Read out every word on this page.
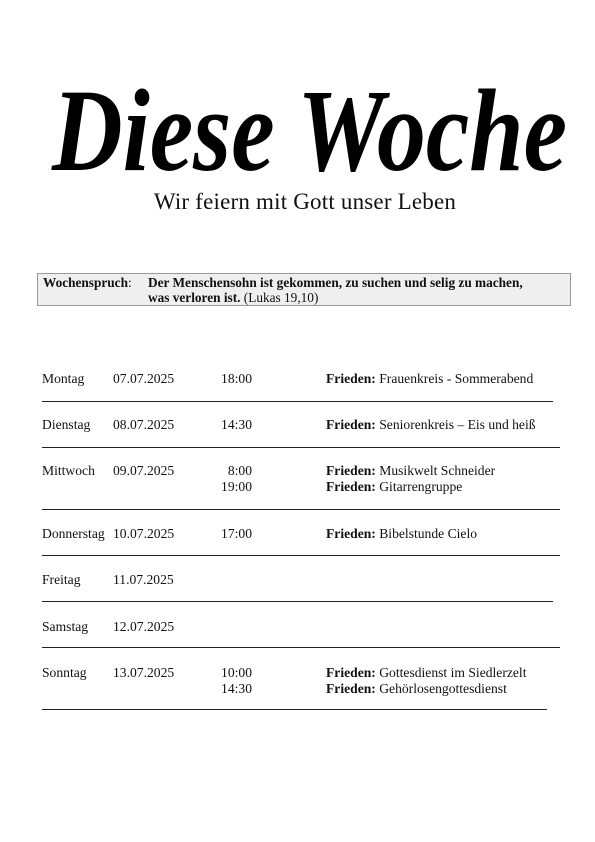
Diese Woche
Wir feiern mit Gott unser Leben
Wochenspruch: Der Menschensohn ist gekommen, zu suchen und selig zu machen,
was verloren ist. (Lukas 19,10)
Montag 07.07.2025	18:00	Frieden: Frauenkreis - Sommerabend
Dienstag 08.07.2025	14:30	Frieden: Seniorenkreis – Eis und heiß
Mittwoch 09.07.2025	8:00	Frieden: Musikwelt Schneider
19:00	Frieden: Gitarrengruppe
Donnerstag 10.07.2025	17:00	Frieden: Bibelstunde Cielo
Freitag 11.07.2025
Samstag 12.07.2025
Sonntag 13.07.2025	10:00	Frieden: Gottesdienst im Siedlerzelt
14:30	Frieden: Gehörlosengottesdienst
